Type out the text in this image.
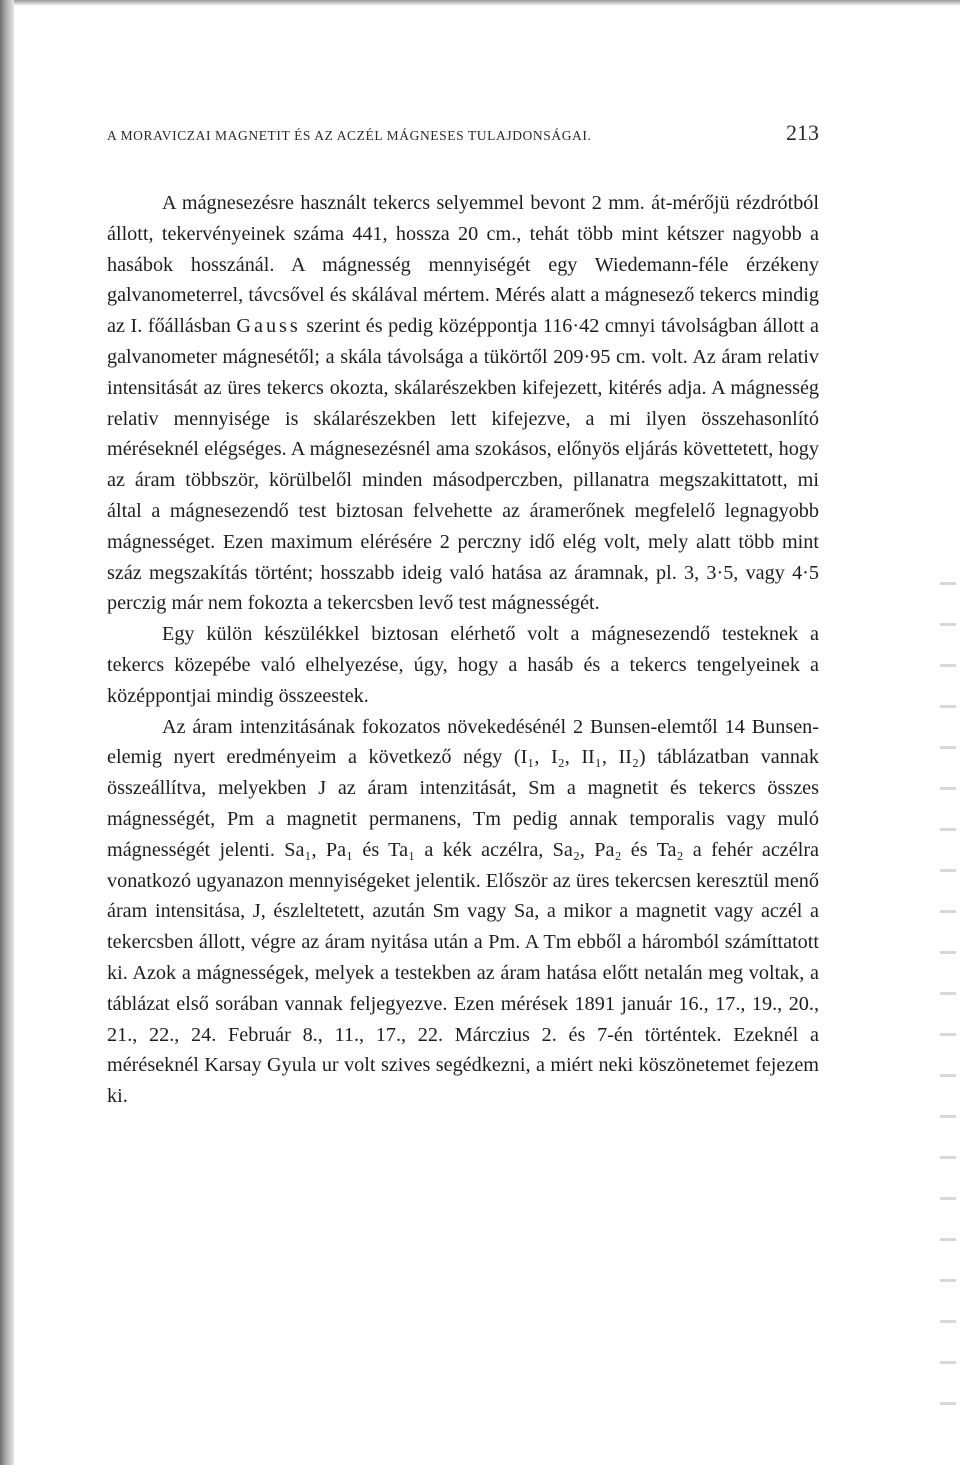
A MORAVICZAI MAGNETIT ÉS AZ ACZÉL MÁGNESES TULAJDONSÁGAI.	213

A mágnesezésre használt tekercs selyemmel bevont 2 mm. át-mérőjü rézdrótból állott, tekervényeinek száma 441, hossza 20 cm., tehát több mint kétszer nagyobb a hasábok hosszánál. A mágnesség mennyiségét egy Wiedemann-féle érzékeny galvanometerrel, távcsővel és skálával mértem. Mérés alatt a mágnesező tekercs mindig az I. főállásban Gauss szerint és pedig középpontja 116·42 cmnyi távolságban állott a galvanometer mágnesétől; a skála távolsága a tükörtől 209·95 cm. volt. Az áram relativ intensitását az üres tekercs okozta, skálarészekben kifejezett, kitérés adja. A mágnesség relativ mennyisége is skálarészekben lett kifejezve, a mi ilyen összehasonlító méréseknél elégséges. A mágnesezésnél ama szokásos, előnyös eljárás követtetett, hogy az áram többször, körülbelől minden másodperczben, pillanatra megszakittatott, mi által a mágnesezendő test biztosan felvehette az áramerőnek megfelelő legnagyobb mágnességet. Ezen maximum elérésére 2 perczny idő elég volt, mely alatt több mint száz megszakítás történt; hosszabb ideig való hatása az áramnak, pl. 3, 3·5, vagy 4·5 perczig már nem fokozta a tekercsben levő test mágnességét.

Egy külön készülékkel biztosan elérhető volt a mágnesezendő testeknek a tekercs közepébe való elhelyezése, úgy, hogy a hasáb és a tekercs tengelyeinek a középpontjai mindig összeestek.

Az áram intenzitásának fokozatos növekedésénél 2 Bunsen-elemtől 14 Bunsen-elemig nyert eredményeim a következő négy (I₁, I₂, II₁, II₂) táblázatban vannak összeállítva, melyekben J az áram intenzitását, Sm a magnetit és tekercs összes mágnességét, Pm a magnetit permanens, Tm pedig annak temporalis vagy muló mágnességét jelenti. Sa₁, Pa₁ és Ta₁ a kék aczélra, Sa₂, Pa₂ és Ta₂ a fehér aczélra vonatkozó ugyanazon mennyiségeket jelentik. Először az üres tekercsen keresztül menő áram intensitása, J, észleltetett, azután Sm vagy Sa, a mikor a magnetit vagy aczél a tekercsben állott, végre az áram nyitása után a Pm. A Tm ebből a háromból számíttatott ki. Azok a mágnességek, melyek a testekben az áram hatása előtt netalán meg voltak, a táblázat első sorában vannak feljegyezve. Ezen mérések 1891 január 16., 17., 19., 20., 21., 22., 24. Február 8., 11., 17., 22. Márczius 2. és 7-én történtek. Ezeknél a méréseknél Karsay Gyula ur volt szives segédkezni, a miért neki köszönetemet fejezem ki.
